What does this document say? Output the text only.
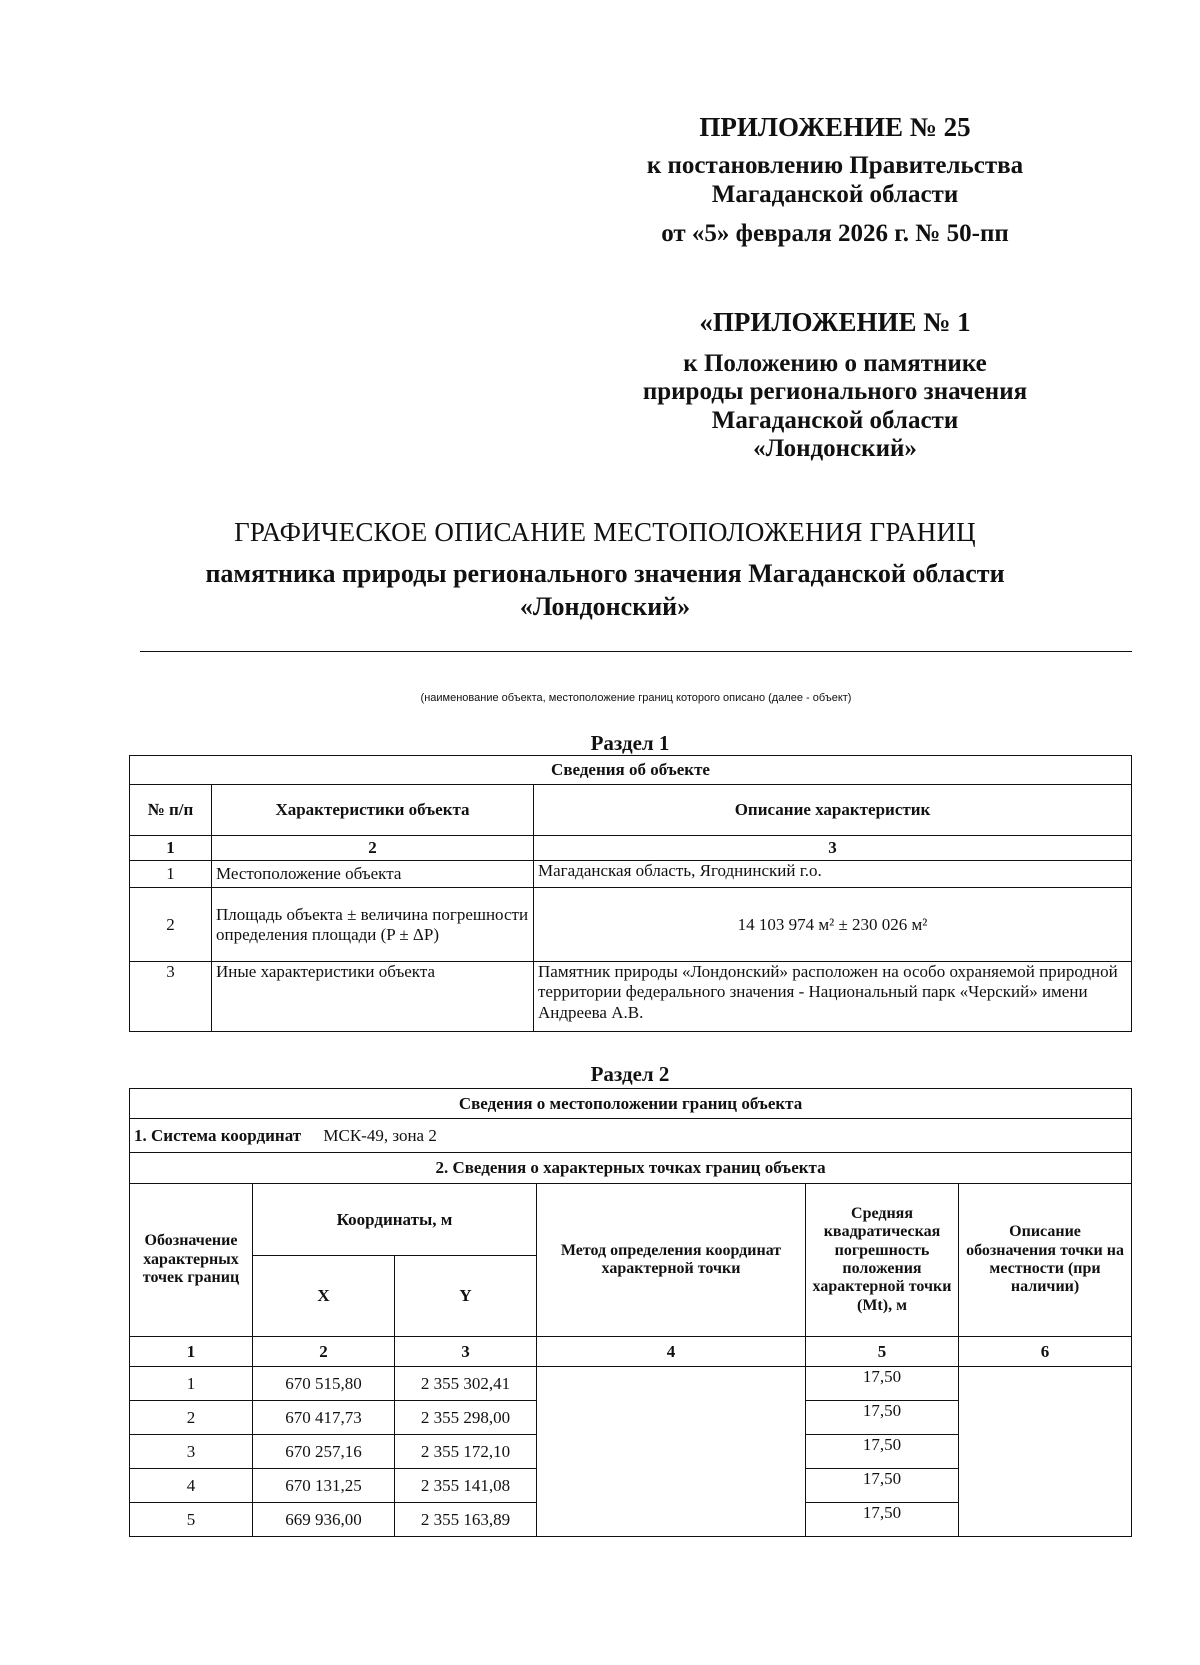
ПРИЛОЖЕНИЕ № 25
к постановлению Правительства
Магаданской области
от «5» февраля 2026 г. № 50-пп
«ПРИЛОЖЕНИЕ № 1
к Положению о памятнике
природы регионального значения
Магаданской области
«Лондонский»
ГРАФИЧЕСКОЕ ОПИСАНИЕ МЕСТОПОЛОЖЕНИЯ ГРАНИЦ
памятника природы регионального значения Магаданской области
«Лондонский»
(наименование объекта, местоположение границ которого описано (далее - объект)
Раздел 1
Сведения об объекте		
№ п/п	Характеристики объекта	Описание характеристик
1	2	3
1	Местоположение объекта	Магаданская область, Ягоднинский г.о.
2	Площадь объекта ± величина погрешности определения площади (P ± ΔP)	14 103 974 м² ± 230 026 м²
3	Иные характеристики объекта	Памятник природы «Лондонский» расположен на особо охраняемой природной территории федерального значения - Национальный парк «Черский» имени Андреева А.В.
Раздел 2
Сведения о местоположении границ объекта					
1. Система координат МСК-49, зона 2					
2. Сведения о характерных точках границ объекта					
Обозначение характерных точек границ	Координаты, м		Метод определения координат характерной точки	Средняя квадратическая погрешность положения характерной точки (Mt), м	Описание обозначения точки на местности (при наличии)
	X	Y			
1	2	3	4	5	6
1	670 515,80	2 355 302,41		17,50	
2	670 417,73	2 355 298,00		17,50	
3	670 257,16	2 355 172,10		17,50	
4	670 131,25	2 355 141,08		17,50	
5	669 936,00	2 355 163,89		17,50	
